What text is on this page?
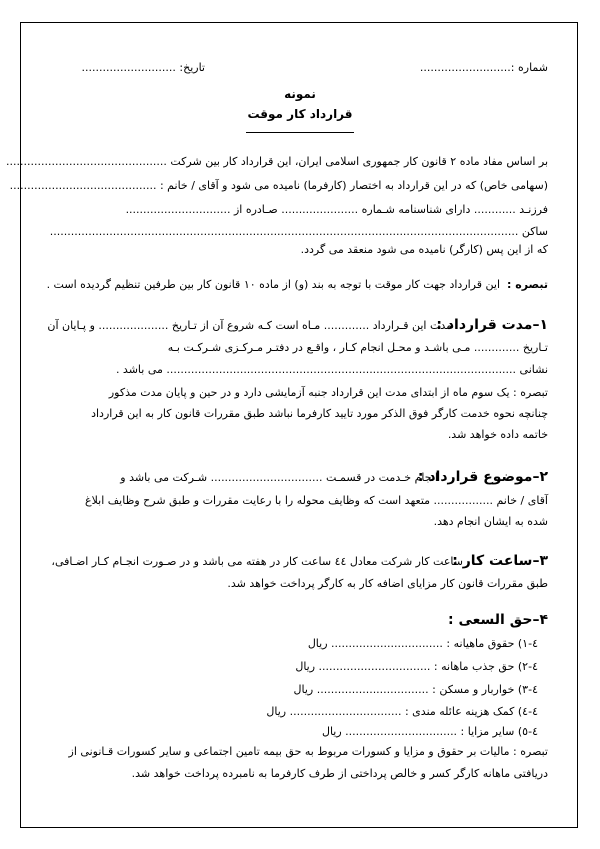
شماره :..........................
تاریخ: ...........................
نمونه
قرارداد کار موقت
بر اساس مفاد ماده ۲ قانون کار جمهوری اسلامی ایران، این قرارداد کار بین شرکت ..............................................
(سهامی خاص) که در این قرارداد به اختصار (کارفرما) نامیده می شود و آقای / خانم : ..........................................
فرزنـد ............ دارای شناسنامه شـماره ...................... صـادره از ..............................
ساکن ......................................................................................................................................
که از این پس (کارگر) نامیده می شود منعقد می گردد.
تبصره :
این قرارداد جهت کار موقت با توجه به بند (و) از ماده ۱۰ قانون کار بین طرفین تنظیم گردیده است .
۱–مدت قرارداد :
مدت این قـرارداد ............. مـاه است کـه شروع آن از تـاریخ .................... و پـایان آن
تـاریخ ............. مـی باشـد و محـل انجام کـار ، واقـع در دفتـر مـرکـزی شـرکـت بـه
نشانی .................................................................................................... می باشد .
تبصره : یک سوم ماه از ابتدای مدت این قرارداد جنبه آزمایشی دارد و در حین و پایان مدت مذکور
چنانچه نحوه خدمت کارگر فوق الذکر مورد تایید کارفرما نباشد طبق مقررات قانون کار به این قرارداد
خاتمه داده خواهد شد.
۲–موضوع قرارداد :
انجام خـدمت در قسمـت ................................ شـرکت می باشد و
آقای / خانم ................. متعهد است که وظایف محوله را با رعایت مقررات و طبق شرح وظایف ابلاغ
شده به ایشان انجام دهد.
۳–ساعت کار :
ساعت کار شرکت معادل ٤٤ ساعت کار در هفته می باشد و در صـورت انجـام کـار اضـافی،
طبق مقررات قانون کار مزایای اضافه کار به کارگر پرداخت خواهد شد.
۴–حق السعی :
٤-١) حقوق ماهیانه : ................................ ریال
٤-٢) حق جذب ماهانه : ................................ ریال
٤-٣) خواربار و مسکن : ................................ ریال
٤-٤) کمک هزینه عائله مندی : ................................ ریال
٤-٥) سایر مزایا : ................................ ریال
تبصره : مالیات بر حقوق و مزایا و کسورات مربوط به حق بیمه تامین اجتماعی و سایر کسورات قـانونی از
دریافتی ماهانه کارگر کسر و خالص پرداختی از طرف کارفرما به نامبرده پرداخت خواهد شد.
